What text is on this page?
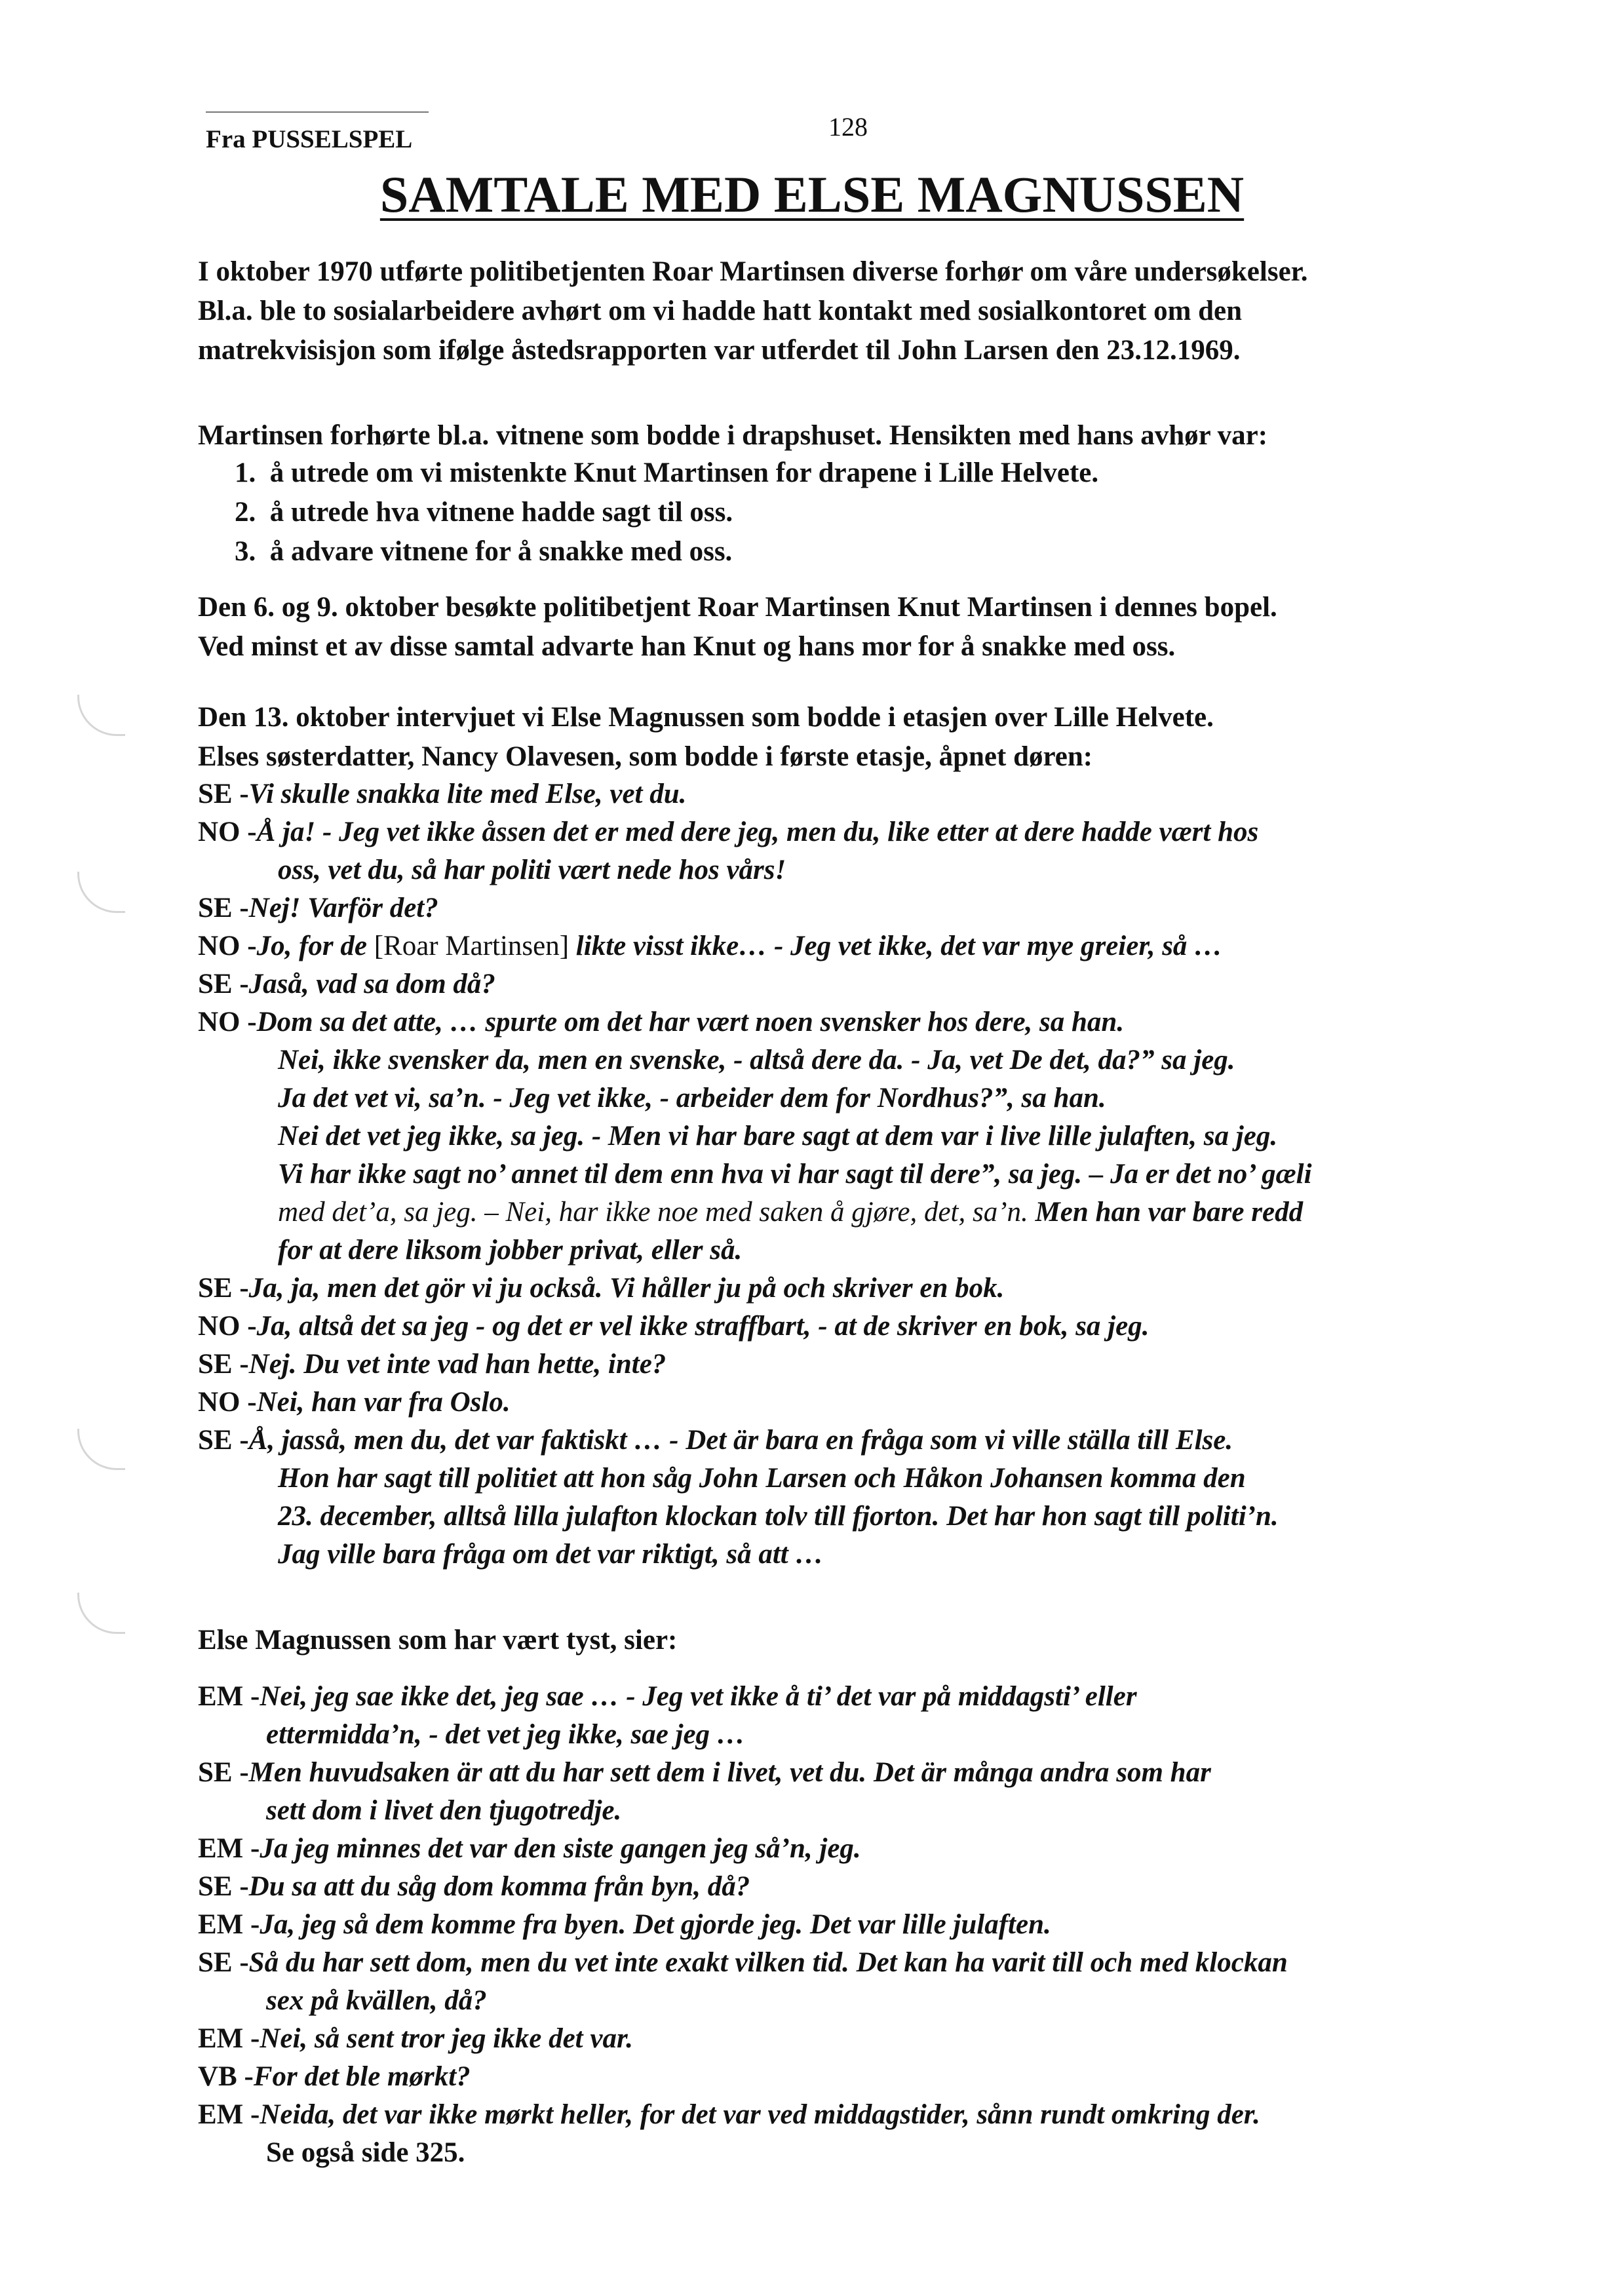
Fra PUSSELSPEL	128
SAMTALE MED ELSE MAGNUSSEN
I oktober 1970 utførte politibetjenten Roar Martinsen diverse forhør om våre undersøkelser.
Bl.a. ble to sosialarbeidere avhørt om vi hadde hatt kontakt med sosialkontoret om den
matrekvisisjon som ifølge åstedsrapporten var utferdet til John Larsen den 23.12.1969.
Martinsen forhørte bl.a. vitnene som bodde i drapshuset. Hensikten med hans avhør var:
1. å utrede om vi mistenkte Knut Martinsen for drapene i Lille Helvete.
2. å utrede hva vitnene hadde sagt til oss.
3. å advare vitnene for å snakke med oss.
Den 6. og 9. oktober besøkte politibetjent Roar Martinsen Knut Martinsen i dennes bopel.
Ved minst et av disse samtal advarte han Knut og hans mor for å snakke med oss.
Den 13. oktober intervjuet vi Else Magnussen som bodde i etasjen over Lille Helvete.
Elses søsterdatter, Nancy Olavesen, som bodde i første etasje, åpnet døren:
SE -Vi skulle snakka lite med Else, vet du.
NO -Å ja! - Jeg vet ikke åssen det er med dere jeg, men du, like etter at dere hadde vært hos
oss, vet du, så har politi vært nede hos vårs!
SE -Nej! Varför det?
NO -Jo, for de [Roar Martinsen] likte visst ikke… - Jeg vet ikke, det var mye greier, så …
SE -Jaså, vad sa dom då?
NO -Dom sa det atte, … spurte om det har vært noen svensker hos dere, sa han.
Nei, ikke svensker da, men en svenske, - altså dere da. - Ja, vet De det, da?” sa jeg.
Ja det vet vi, sa’n. - Jeg vet ikke, - arbeider dem for Nordhus?”, sa han.
Nei det vet jeg ikke, sa jeg. - Men vi har bare sagt at dem var i live lille julaften, sa jeg.
Vi har ikke sagt no’ annet til dem enn hva vi har sagt til dere”, sa jeg. – Ja er det no’ gæli
med det’a, sa jeg. – Nei, har ikke noe med saken å gjøre, det, sa’n. Men han var bare redd
for at dere liksom jobber privat, eller så.
SE -Ja, ja, men det gör vi ju också. Vi håller ju på och skriver en bok.
NO -Ja, altså det sa jeg - og det er vel ikke straffbart, - at de skriver en bok, sa jeg.
SE -Nej. Du vet inte vad han hette, inte?
NO -Nei, han var fra Oslo.
SE -Å, jasså, men du, det var faktiskt … - Det är bara en fråga som vi ville ställa till Else.
Hon har sagt till politiet att hon såg John Larsen och Håkon Johansen komma den
23. december, alltså lilla julafton klockan tolv till fjorton. Det har hon sagt till politi’n.
Jag ville bara fråga om det var riktigt, så att …
Else Magnussen som har vært tyst, sier:
EM -Nei, jeg sae ikke det, jeg sae … - Jeg vet ikke å ti’ det var på middagsti’ eller
ettermidda’n, - det vet jeg ikke, sae jeg …
SE -Men huvudsaken är att du har sett dem i livet, vet du. Det är många andra som har
sett dom i livet den tjugotredje.
EM -Ja jeg minnes det var den siste gangen jeg så’n, jeg.
SE -Du sa att du såg dom komma från byn, då?
EM -Ja, jeg så dem komme fra byen. Det gjorde jeg. Det var lille julaften.
SE -Så du har sett dom, men du vet inte exakt vilken tid. Det kan ha varit till och med klockan
sex på kvällen, då?
EM -Nei, så sent tror jeg ikke det var.
VB -For det ble mørkt?
EM -Neida, det var ikke mørkt heller, for det var ved middagstider, sånn rundt omkring der.
Se også side 325.
